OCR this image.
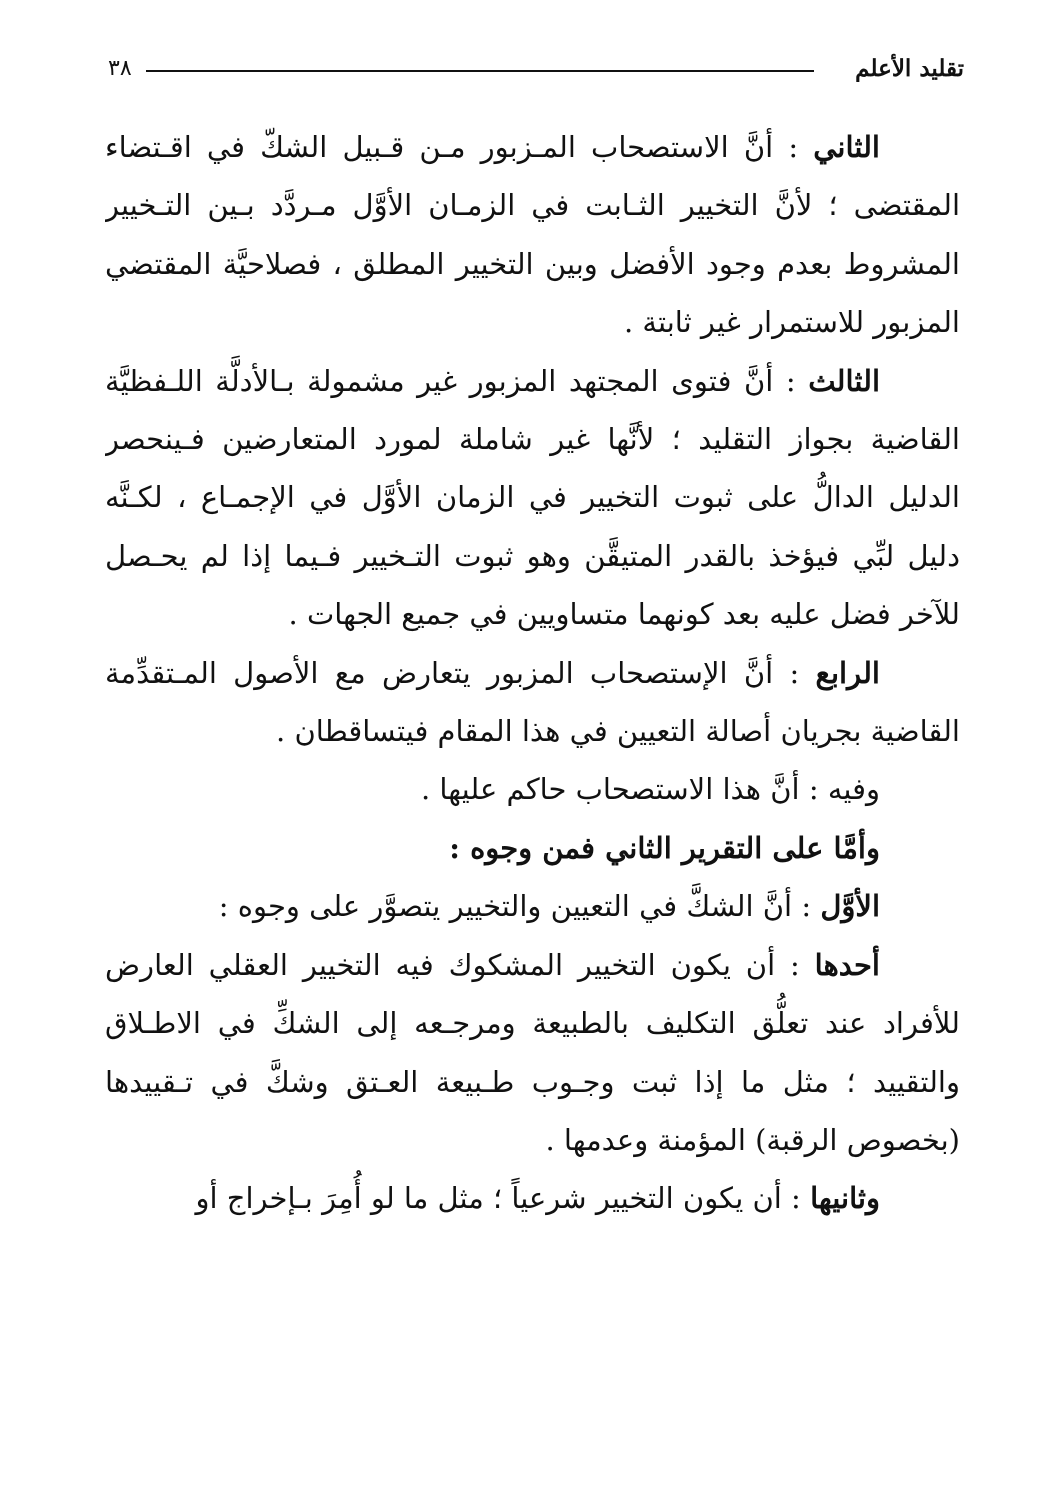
تقليد الأعلم
٣٨

الثاني : أنَّ الاستصحاب المـزبور مـن قـبيل الشكّ في اقـتضاء المقتضى ؛ لأنَّ التخيير الثـابت في الزمـان الأوَّل مـردَّد بـين التـخيير المشروط بعدم وجود الأفضل وبين التخيير المطلق ، فصلاحيَّة المقتضي المزبور للاستمرار غير ثابتة .

الثالث : أنَّ فتوى المجتهد المزبور غير مشمولة بـالأدلَّة اللـفظيَّة القاضية بجواز التقليد ؛ لأنَّها غير شاملة لمورد المتعارضين فـينحصر الدليل الدالُّ على ثبوت التخيير في الزمان الأوَّل في الإجمـاع ، لكـنَّه دليل لبِّي فيؤخذ بالقدر المتيقَّن وهو ثبوت التـخيير فـيما إذا لم يحـصل للآخر فضل عليه بعد كونهما متساويين في جميع الجهات .

الرابع : أنَّ الإستصحاب المزبور يتعارض مع الأصول المـتقدِّمة القاضية بجريان أصالة التعيين في هذا المقام فيتساقطان .

وفيه : أنَّ هذا الاستصحاب حاكم عليها .

وأمَّا على التقرير الثاني فمن وجوه :

الأوَّل : أنَّ الشكَّ في التعيين والتخيير يتصوَّر على وجوه :

أحدها : أن يكون التخيير المشكوك فيه التخيير العقلي العارض للأفراد عند تعلُّق التكليف بالطبيعة ومرجـعه إلى الشكِّ في الاطـلاق والتقييد ؛ مثل ما إذا ثبت وجـوب طـبيعة العـتق وشكَّ في تـقييدها (بخصوص الرقبة) المؤمنة وعدمها .

وثانيها : أن يكون التخيير شرعياً ؛ مثل ما لو أُمِرَ بـإخراج أو
